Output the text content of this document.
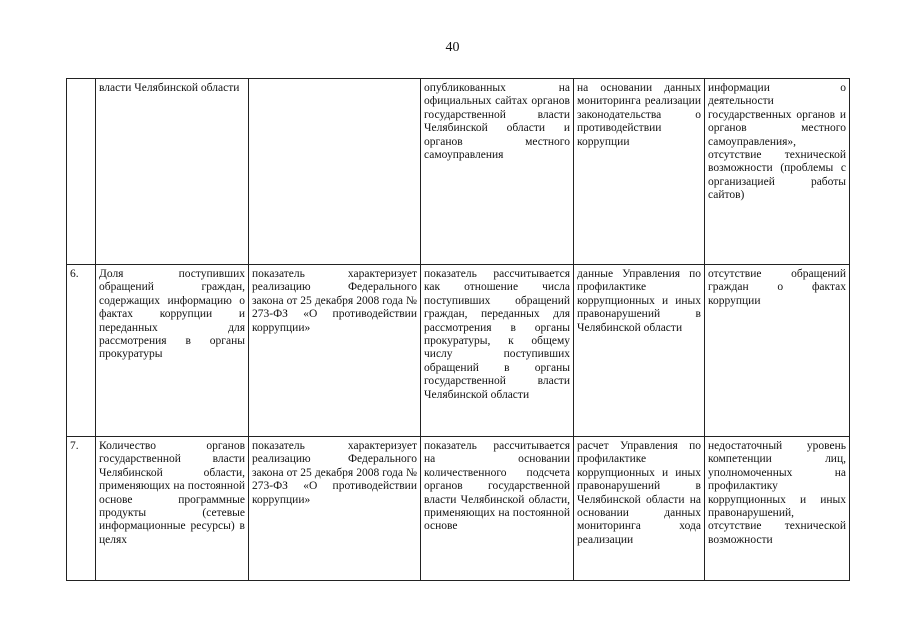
40
	власти Челябинской области		опубликованных на официальных сайтах органов государственной власти Челябинской области и органов местного самоуправления	на основании данных мониторинга реализации законодательства о противодействии коррупции	информации о деятельности государственных органов и органов местного самоуправления», отсутствие технической возможности (проблемы с организацией работы сайтов)
6.	Доля поступивших обращений граждан, содержащих информацию о фактах коррупции и переданных для рассмотрения в органы прокуратуры	показатель характеризует реализацию Федерального закона от 25 декабря 2008 года № 273-ФЗ «О противодействии коррупции»	показатель рассчитывается как отношение числа поступивших обращений граждан, переданных для рассмотрения в органы прокуратуры, к общему числу поступивших обращений в органы государственной власти Челябинской области	данные Управления по профилактике коррупционных и иных правонарушений в Челябинской области	отсутствие обращений граждан о фактах коррупции
7.	Количество органов государственной власти Челябинской области, применяющих на постоянной основе программные продукты (сетевые информационные ресурсы) в целях	показатель характеризует реализацию Федерального закона от 25 декабря 2008 года № 273-ФЗ «О противодействии коррупции»	показатель рассчитывается на основании количественного подсчета органов государственной власти Челябинской области, применяющих на постоянной основе	расчет Управления по профилактике коррупционных и иных правонарушений в Челябинской области на основании данных мониторинга хода реализации	недостаточный уровень компетенции лиц, уполномоченных на профилактику коррупционных и иных правонарушений, отсутствие технической возможности
